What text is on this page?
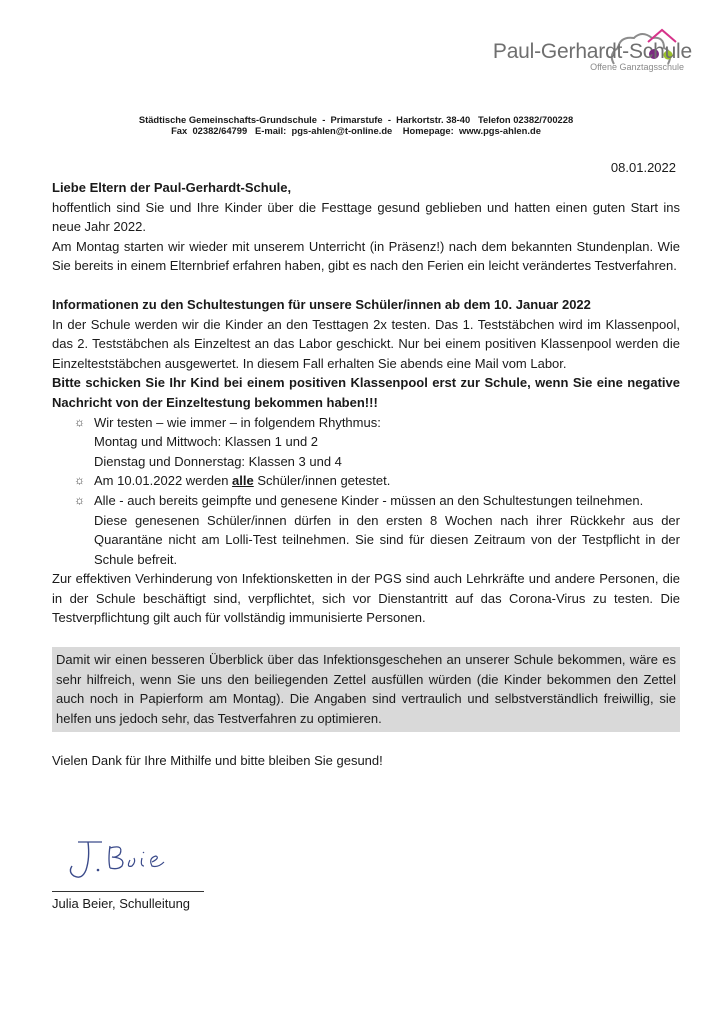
Paul-Gerhardt-Schule
Offene Ganztagsschule
Städtische Gemeinschafts-Grundschule  -  Primarstufe  -  Harkortstr. 38-40   Telefon 02382/700228
Fax  02382/64799   E-mail:  pgs-ahlen@t-online.de    Homepage:  www.pgs-ahlen.de
08.01.2022

Liebe Eltern der Paul-Gerhardt-Schule,

hoffentlich sind Sie und Ihre Kinder über die Festtage gesund geblieben und hatten einen guten Start ins neue Jahr 2022.

Am Montag starten wir wieder mit unserem Unterricht (in Präsenz!) nach dem bekannten Stundenplan. Wie Sie bereits in einem Elternbrief erfahren haben, gibt es nach den Ferien ein leicht verändertes Testverfahren.

Informationen zu den Schultestungen für unsere Schüler/innen ab dem 10. Januar 2022

In der Schule werden wir die Kinder an den Testtagen 2x testen. Das 1. Teststäbchen wird im Klassenpool, das 2. Teststäbchen als Einzeltest an das Labor geschickt. Nur bei einem positiven Klassenpool werden die Einzelteststäbchen ausgewertet. In diesem Fall erhalten Sie abends eine Mail vom Labor.

Bitte schicken Sie Ihr Kind bei einem positiven Klassenpool erst zur Schule, wenn Sie eine negative Nachricht von der Einzeltestung bekommen haben!!!

☼ Wir testen – wie immer – in folgendem Rhythmus:
Montag und Mittwoch: Klassen 1 und 2
Dienstag und Donnerstag: Klassen 3 und 4
☼ Am 10.01.2022 werden alle Schüler/innen getestet.
☼ Alle - auch bereits geimpfte und genesene Kinder - müssen an den Schultestungen teilnehmen.
Diese genesenen Schüler/innen dürfen in den ersten 8 Wochen nach ihrer Rückkehr aus der Quarantäne nicht am Lolli-Test teilnehmen. Sie sind für diesen Zeitraum von der Testpflicht in der Schule befreit.

Zur effektiven Verhinderung von Infektionsketten in der PGS sind auch Lehrkräfte und andere Personen, die in der Schule beschäftigt sind, verpflichtet, sich vor Dienstantritt auf das Corona-Virus zu testen. Die Testverpflichtung gilt auch für vollständig immunisierte Personen.

Damit wir einen besseren Überblick über das Infektionsgeschehen an unserer Schule bekommen, wäre es sehr hilfreich, wenn Sie uns den beiliegenden Zettel ausfüllen würden (die Kinder bekommen den Zettel auch noch in Papierform am Montag). Die Angaben sind vertraulich und selbstverständlich freiwillig, sie helfen uns jedoch sehr, das Testverfahren zu optimieren.

Vielen Dank für Ihre Mithilfe und bitte bleiben Sie gesund!

Julia Beier, Schulleitung
